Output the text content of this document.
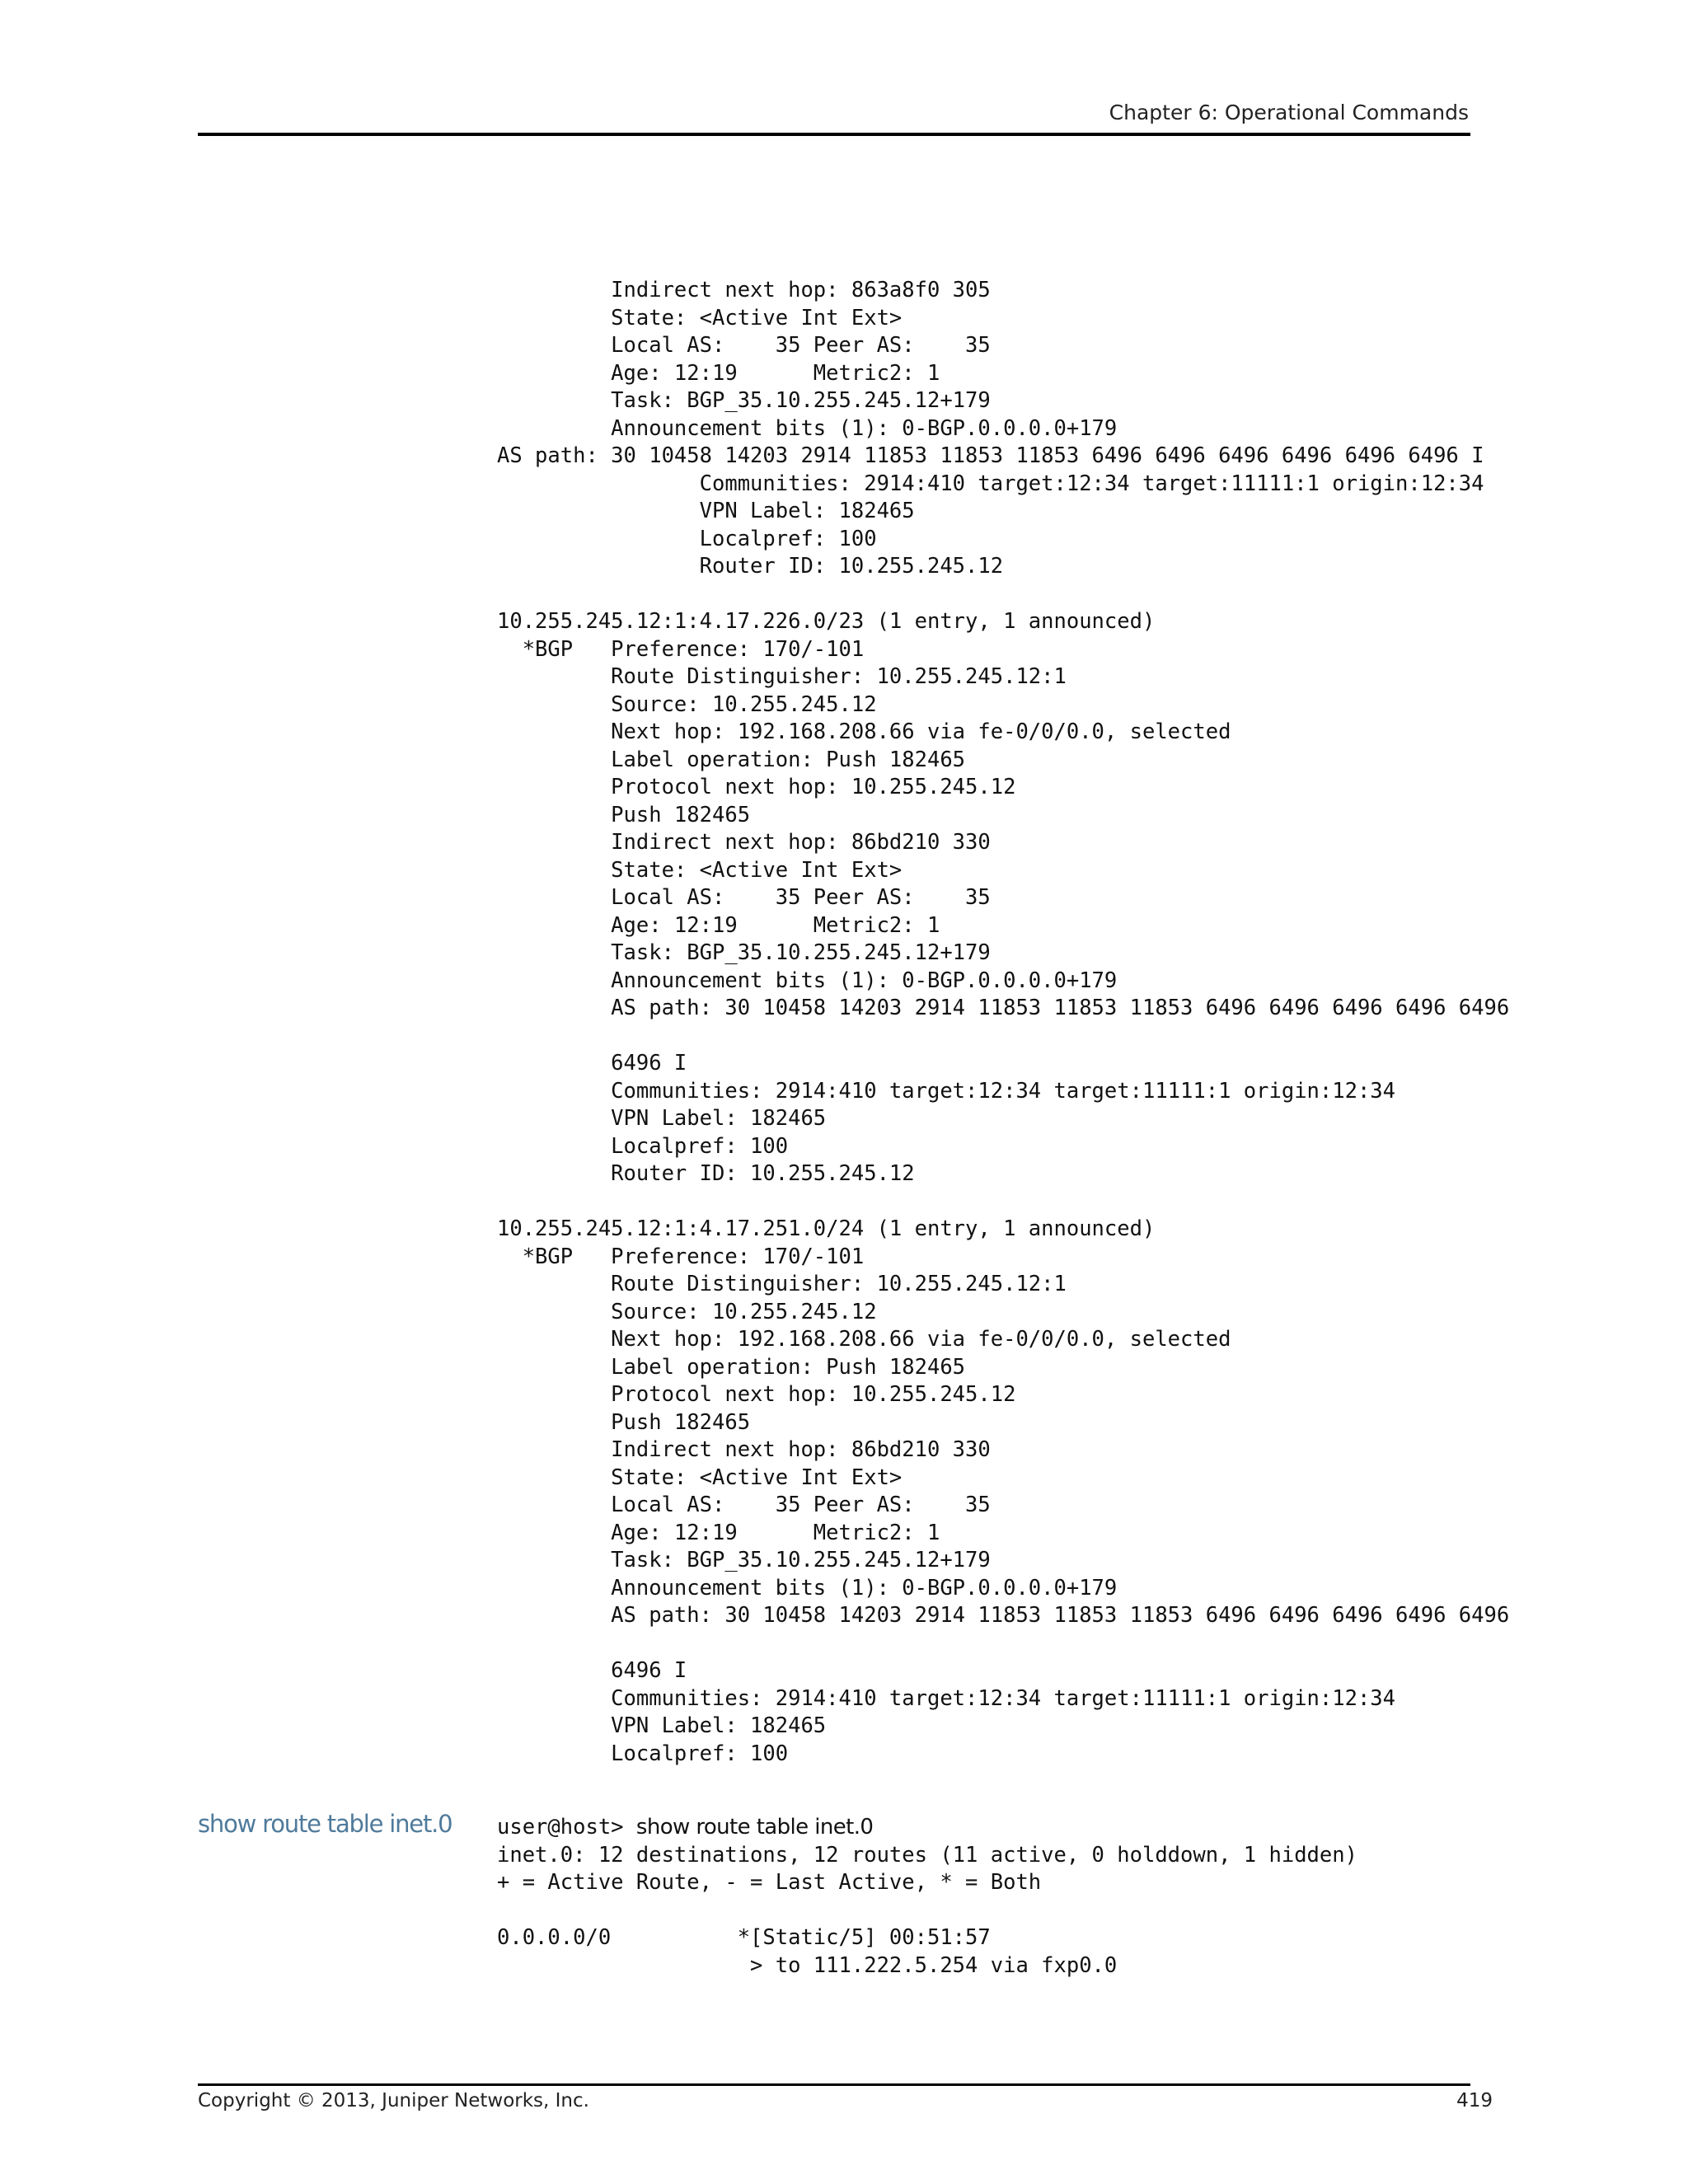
Chapter 6: Operational Commands
Indirect next hop: 863a8f0 305
State: <Active Int Ext>
Local AS:    35 Peer AS:    35
Age: 12:19      Metric2: 1
Task: BGP_35.10.255.245.12+179
Announcement bits (1): 0-BGP.0.0.0.0+179
AS path: 30 10458 14203 2914 11853 11853 11853 6496 6496 6496 6496 6496 6496 I
Communities: 2914:410 target:12:34 target:11111:1 origin:12:34
VPN Label: 182465
Localpref: 100
Router ID: 10.255.245.12
10.255.245.12:1:4.17.226.0/23 (1 entry, 1 announced)
*BGP   Preference: 170/-101
Route Distinguisher: 10.255.245.12:1
Source: 10.255.245.12
Next hop: 192.168.208.66 via fe-0/0/0.0, selected
Label operation: Push 182465
Protocol next hop: 10.255.245.12
Push 182465
Indirect next hop: 86bd210 330
State: <Active Int Ext>
Local AS:    35 Peer AS:    35
Age: 12:19      Metric2: 1
Task: BGP_35.10.255.245.12+179
Announcement bits (1): 0-BGP.0.0.0.0+179
AS path: 30 10458 14203 2914 11853 11853 11853 6496 6496 6496 6496 6496
6496 I
Communities: 2914:410 target:12:34 target:11111:1 origin:12:34
VPN Label: 182465
Localpref: 100
Router ID: 10.255.245.12
10.255.245.12:1:4.17.251.0/24 (1 entry, 1 announced)
*BGP   Preference: 170/-101
Route Distinguisher: 10.255.245.12:1
Source: 10.255.245.12
Next hop: 192.168.208.66 via fe-0/0/0.0, selected
Label operation: Push 182465
Protocol next hop: 10.255.245.12
Push 182465
Indirect next hop: 86bd210 330
State: <Active Int Ext>
Local AS:    35 Peer AS:    35
Age: 12:19      Metric2: 1
Task: BGP_35.10.255.245.12+179
Announcement bits (1): 0-BGP.0.0.0.0+179
AS path: 30 10458 14203 2914 11853 11853 11853 6496 6496 6496 6496 6496
6496 I
Communities: 2914:410 target:12:34 target:11111:1 origin:12:34
VPN Label: 182465
Localpref: 100
show route table inet.0 user@host> show route table inet.0
inet.0: 12 destinations, 12 routes (11 active, 0 holddown, 1 hidden)
+ = Active Route, - = Last Active, * = Both
0.0.0.0/0          *[Static/5] 00:51:57
> to 111.222.5.254 via fxp0.0
Copyright © 2013, Juniper Networks, Inc.	419
